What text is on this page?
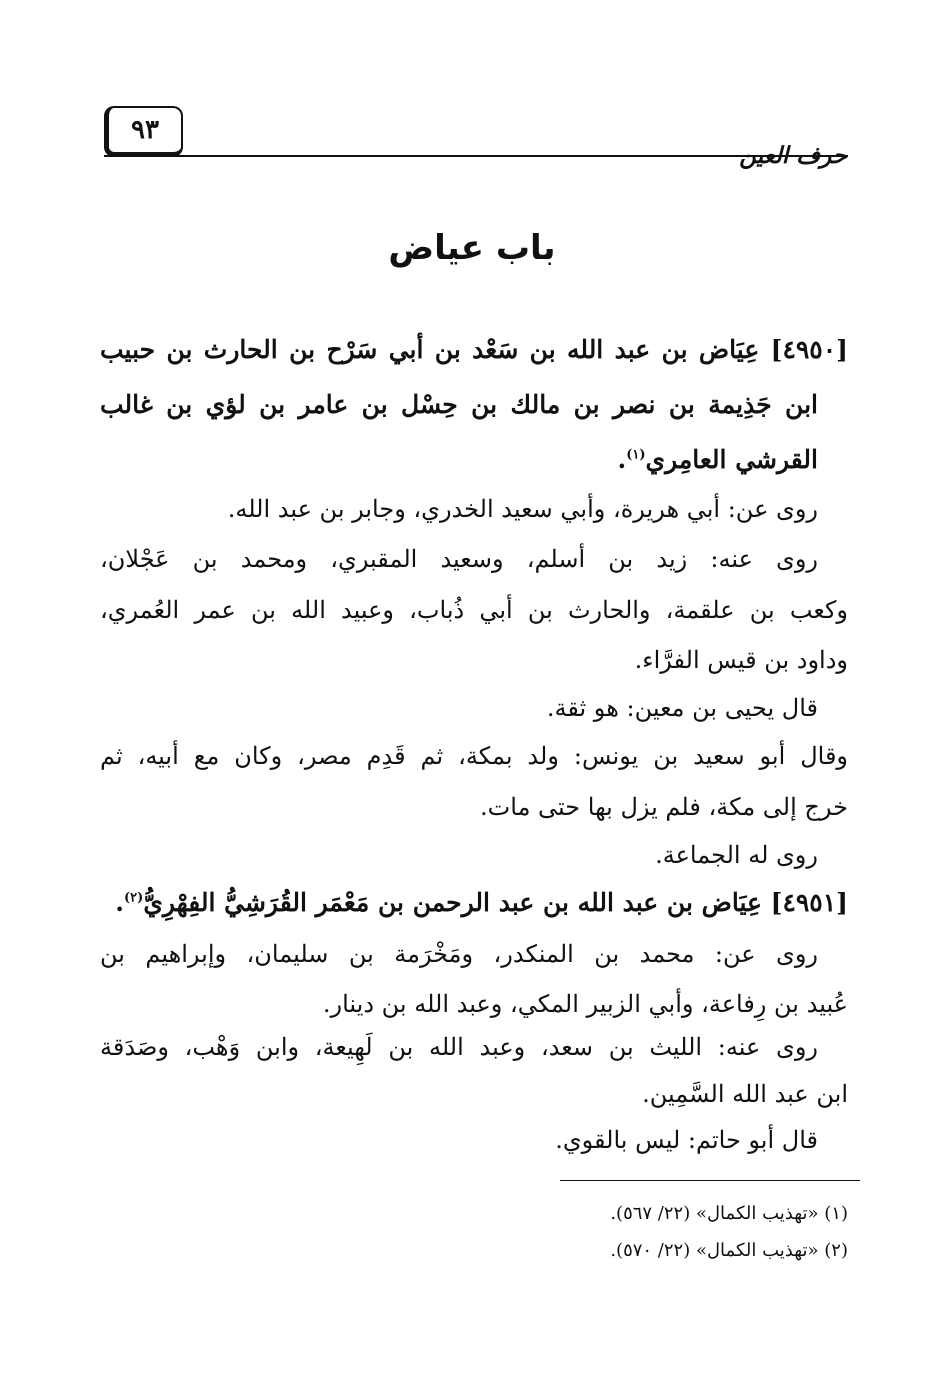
٩٣
حرف العين
باب عياض
[٤٩٥٠] عِيَاض بن عبد الله بن سَعْد بن أبي سَرْح بن الحارث بن حبيب
ابن جَذِيمة بن نصر بن مالك بن حِسْل بن عامر بن لؤي بن غالب
القرشي العامِري$^{(١)}$.
روى عن: أبي هريرة، وأبي سعيد الخدري، وجابر بن عبد الله.
روى عنه: زيد بن أسلم، وسعيد المقبري، ومحمد بن عَجْلان،
وكعب بن علقمة، والحارث بن أبي ذُباب، وعبيد الله بن عمر العُمري،
وداود بن قيس الفرَّاء.
قال يحيى بن معين: هو ثقة.
وقال أبو سعيد بن يونس: ولد بمكة، ثم قَدِم مصر، وكان مع أبيه، ثم
خرج إلى مكة، فلم يزل بها حتى مات.
روى له الجماعة.
[٤٩٥١] عِيَاض بن عبد الله بن عبد الرحمن بن مَعْمَر القُرَشِيُّ الفِهْرِيُّ$^{(٢)}$.
روى عن: محمد بن المنكدر، ومَخْرَمة بن سليمان، وإبراهيم بن
عُبيد بن رِفاعة، وأبي الزبير المكي، وعبد الله بن دينار.
روى عنه: الليث بن سعد، وعبد الله بن لَهِيعة، وابن وَهْب، وصَدَقة
ابن عبد الله السَّمِين.
قال أبو حاتم: ليس بالقوي.
(١) «تهذيب الكمال» (٢٢/ ٥٦٧).
(٢) «تهذيب الكمال» (٢٢/ ٥٧٠).
